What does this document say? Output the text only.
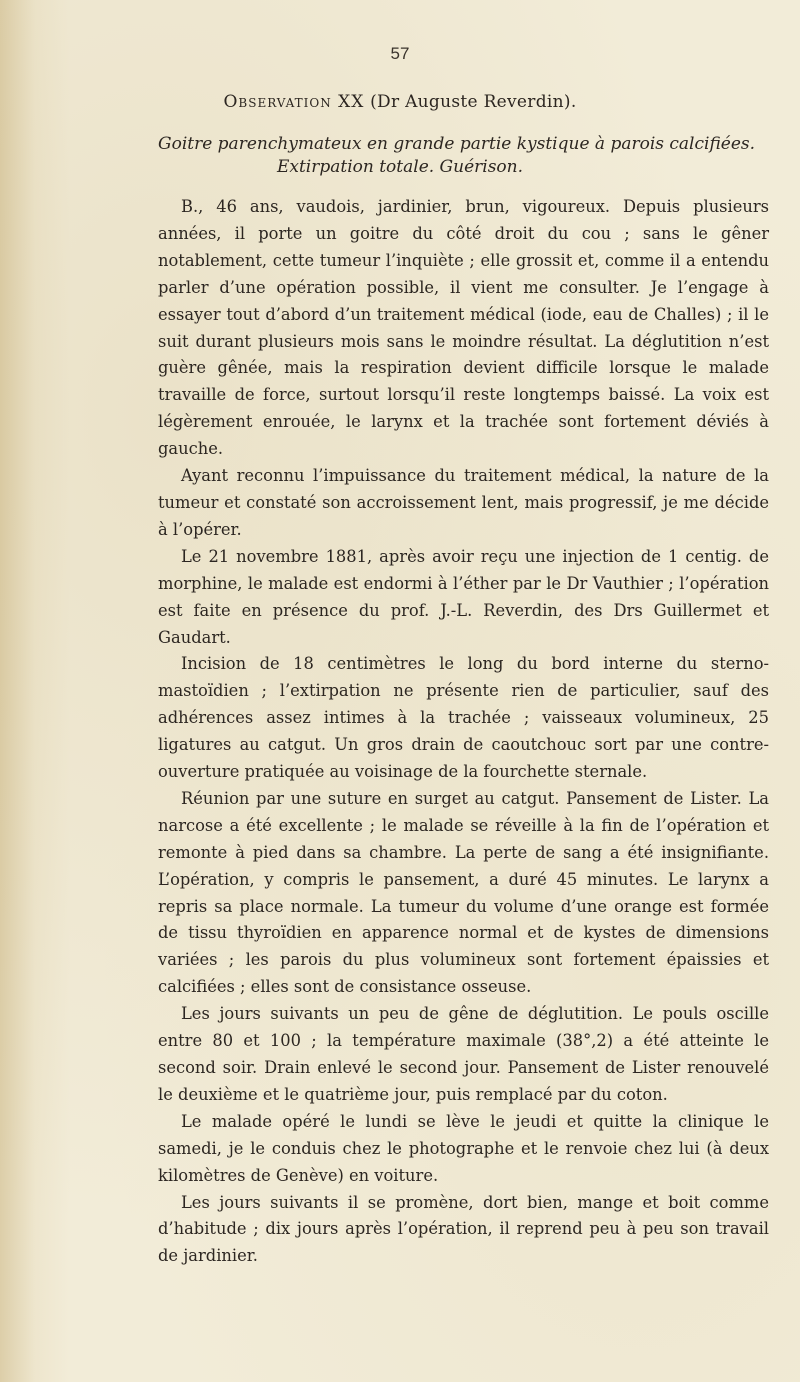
57
Observation XX (Dr Auguste Reverdin).
Goitre parenchymateux en grande partie kystique à parois calcifiées.
Extirpation totale. Guérison.

B., 46 ans, vaudois, jardinier, brun, vigoureux. Depuis plusieurs années, il porte un goitre du côté droit du cou ; sans le gêner notablement, cette tumeur l’inquiète ; elle grossit et, comme il a entendu parler d’une opération possible, il vient me consulter. Je l’engage à essayer tout d’abord d’un traitement médical (iode, eau de Challes) ; il le suit durant plusieurs mois sans le moindre résultat. La déglutition n’est guère gênée, mais la respiration devient difficile lorsque le malade travaille de force, surtout lorsqu’il reste longtemps baissé. La voix est légèrement enrouée, le larynx et la trachée sont fortement déviés à gauche.

Ayant reconnu l’impuissance du traitement médical, la nature de la tumeur et constaté son accroissement lent, mais progressif, je me décide à l’opérer.

Le 21 novembre 1881, après avoir reçu une injection de 1 centig. de morphine, le malade est endormi à l’éther par le Dr Vauthier ; l’opération est faite en présence du prof. J.-L. Reverdin, des Drs Guillermet et Gaudart.

Incision de 18 centimètres le long du bord interne du sterno-mastoïdien ; l’extirpation ne présente rien de particulier, sauf des adhérences assez intimes à la trachée ; vaisseaux volumineux, 25 ligatures au catgut. Un gros drain de caoutchouc sort par une contre-ouverture pratiquée au voisinage de la fourchette sternale.

Réunion par une suture en surget au catgut. Pansement de Lister. La narcose a été excellente ; le malade se réveille à la fin de l’opération et remonte à pied dans sa chambre. La perte de sang a été insignifiante. L’opération, y compris le pansement, a duré 45 minutes. Le larynx a repris sa place normale. La tumeur du volume d’une orange est formée de tissu thyroïdien en apparence normal et de kystes de dimensions variées ; les parois du plus volumineux sont fortement épaissies et calcifiées ; elles sont de consistance osseuse.

Les jours suivants un peu de gêne de déglutition. Le pouls oscille entre 80 et 100 ; la température maximale (38°,2) a été atteinte le second soir. Drain enlevé le second jour. Pansement de Lister renouvelé le deuxième et le quatrième jour, puis remplacé par du coton.

Le malade opéré le lundi se lève le jeudi et quitte la clinique le samedi, je le conduis chez le photographe et le renvoie chez lui (à deux kilomètres de Genève) en voiture.

Les jours suivants il se promène, dort bien, mange et boit comme d’habitude ; dix jours après l’opération, il reprend peu à peu son travail de jardinier.
